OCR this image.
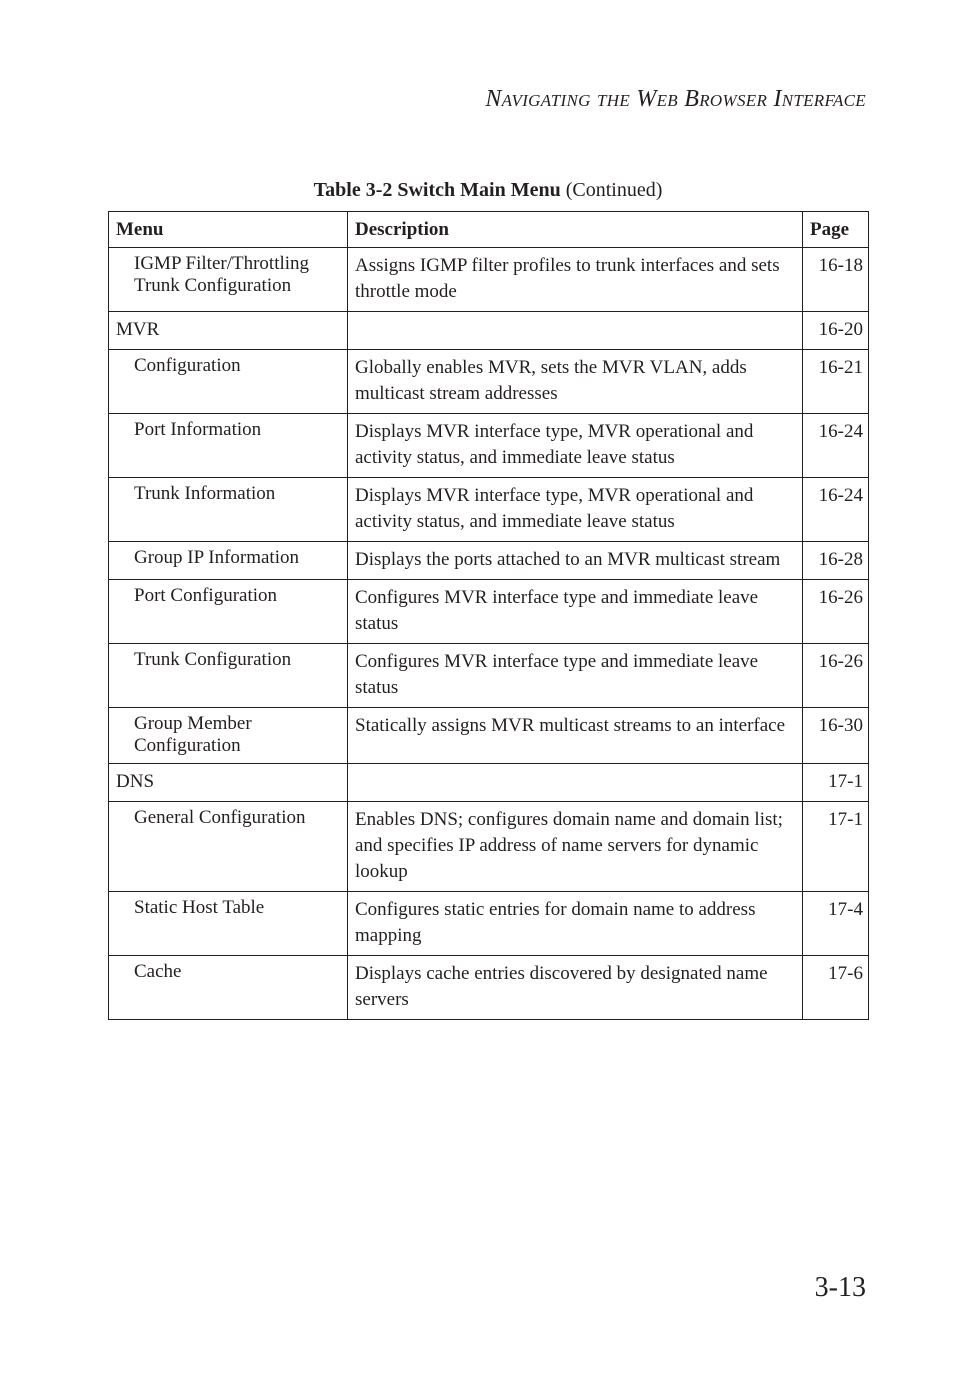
Navigating the Web Browser Interface
Table 3-2 Switch Main Menu (Continued)
Menu	Description	Page
IGMP Filter/Throttling Trunk Configuration	Assigns IGMP filter profiles to trunk interfaces and sets throttle mode	16-18
MVR		16-20
Configuration	Globally enables MVR, sets the MVR VLAN, adds multicast stream addresses	16-21
Port Information	Displays MVR interface type, MVR operational and activity status, and immediate leave status	16-24
Trunk Information	Displays MVR interface type, MVR operational and activity status, and immediate leave status	16-24
Group IP Information	Displays the ports attached to an MVR multicast stream	16-28
Port Configuration	Configures MVR interface type and immediate leave status	16-26
Trunk Configuration	Configures MVR interface type and immediate leave status	16-26
Group Member Configuration	Statically assigns MVR multicast streams to an interface	16-30
DNS		17-1
General Configuration	Enables DNS; configures domain name and domain list; and specifies IP address of name servers for dynamic lookup	17-1
Static Host Table	Configures static entries for domain name to address mapping	17-4
Cache	Displays cache entries discovered by designated name servers	17-6
3-13
